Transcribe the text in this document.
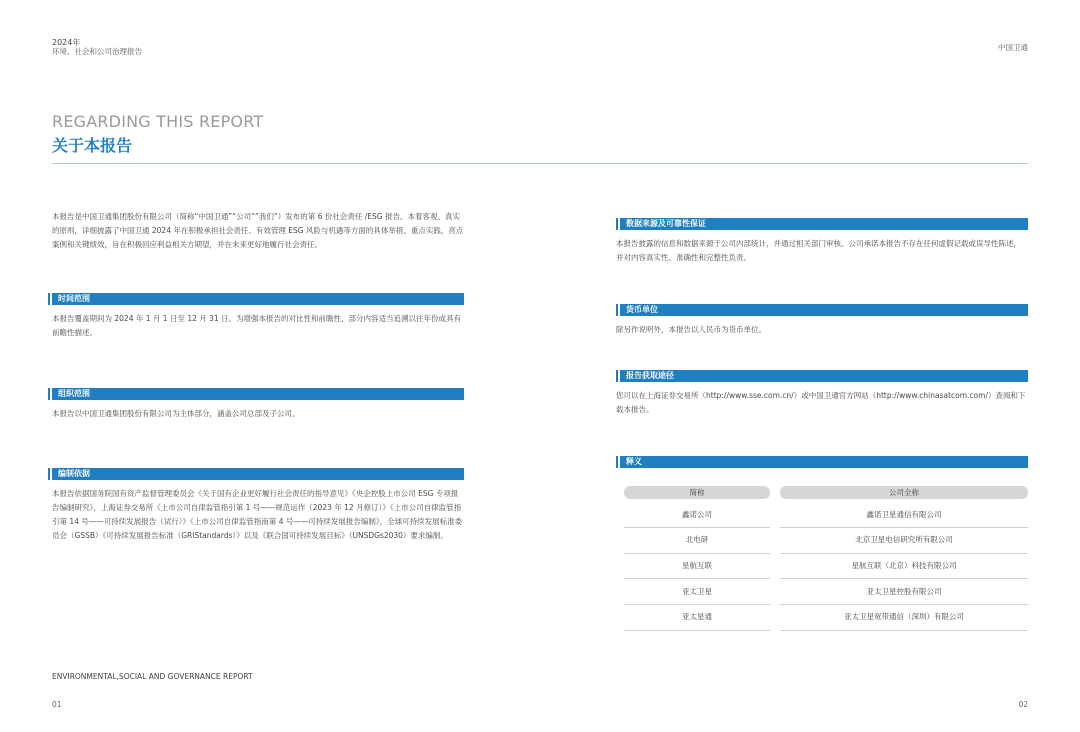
2024年
环境、社会和公司治理报告	中国卫通
REGARDING THIS REPORT
关于本报告

本报告是中国卫通集团股份有限公司（简称“中国卫通”“公司”“我们”）发布的第 6 份社会责任 /ESG 报告。本着客观、真实的原则，详细披露了中国卫通 2024 年在积极承担社会责任、有效管理 ESG 风险与机遇等方面的具体举措、重点实践、亮点案例和关键绩效，旨在积极回应利益相关方期望，并在未来更好地履行社会责任。

时间范围

本报告覆盖期间为 2024 年 1 月 1 日至 12 月 31 日。为增强本报告的对比性和前瞻性，部分内容适当追溯以往年份或具有前瞻性描述。

组织范围

本报告以中国卫通集团股份有限公司为主体部分，涵盖公司总部及子公司。

编制依据

本报告依据国务院国有资产监督管理委员会《关于国有企业更好履行社会责任的指导意见》《央企控股上市公司 ESG 专项报告编制研究》，上海证券交易所《上市公司自律监管指引第 1 号——规范运作（2023 年 12 月修订）》《上市公司自律监管指引第 14 号——可持续发展报告（试行）》《上市公司自律监管指南第 4 号——可持续发展报告编制》，全球可持续发展标准委员会（GSSB）《可持续发展报告标准（GRIStandards）》以及《联合国可持续发展目标》（UNSDGs2030）要求编制。

数据来源及可靠性保证

本报告披露的信息和数据来源于公司内部统计，并通过相关部门审核。公司承诺本报告不存在任何虚假记载或误导性陈述，并对内容真实性、准确性和完整性负责。

货币单位

除另作说明外，本报告以人民币为货币单位。

报告获取途径

您可以在上海证券交易所（http://www.sse.com.cn/）或中国卫通官方网站（http://www.chinasatcom.com/）查阅和下载本报告。

释义
简称	公司全称
鑫诺公司	鑫诺卫星通信有限公司
北电研	北京卫星电信研究所有限公司
星航互联	星航互联（北京）科技有限公司
亚太卫星	亚太卫星控股有限公司
亚太星通	亚太卫星宽带通信（深圳）有限公司
ENVIRONMENTAL,SOCIAL AND GOVERNANCE REPORT
01	02
